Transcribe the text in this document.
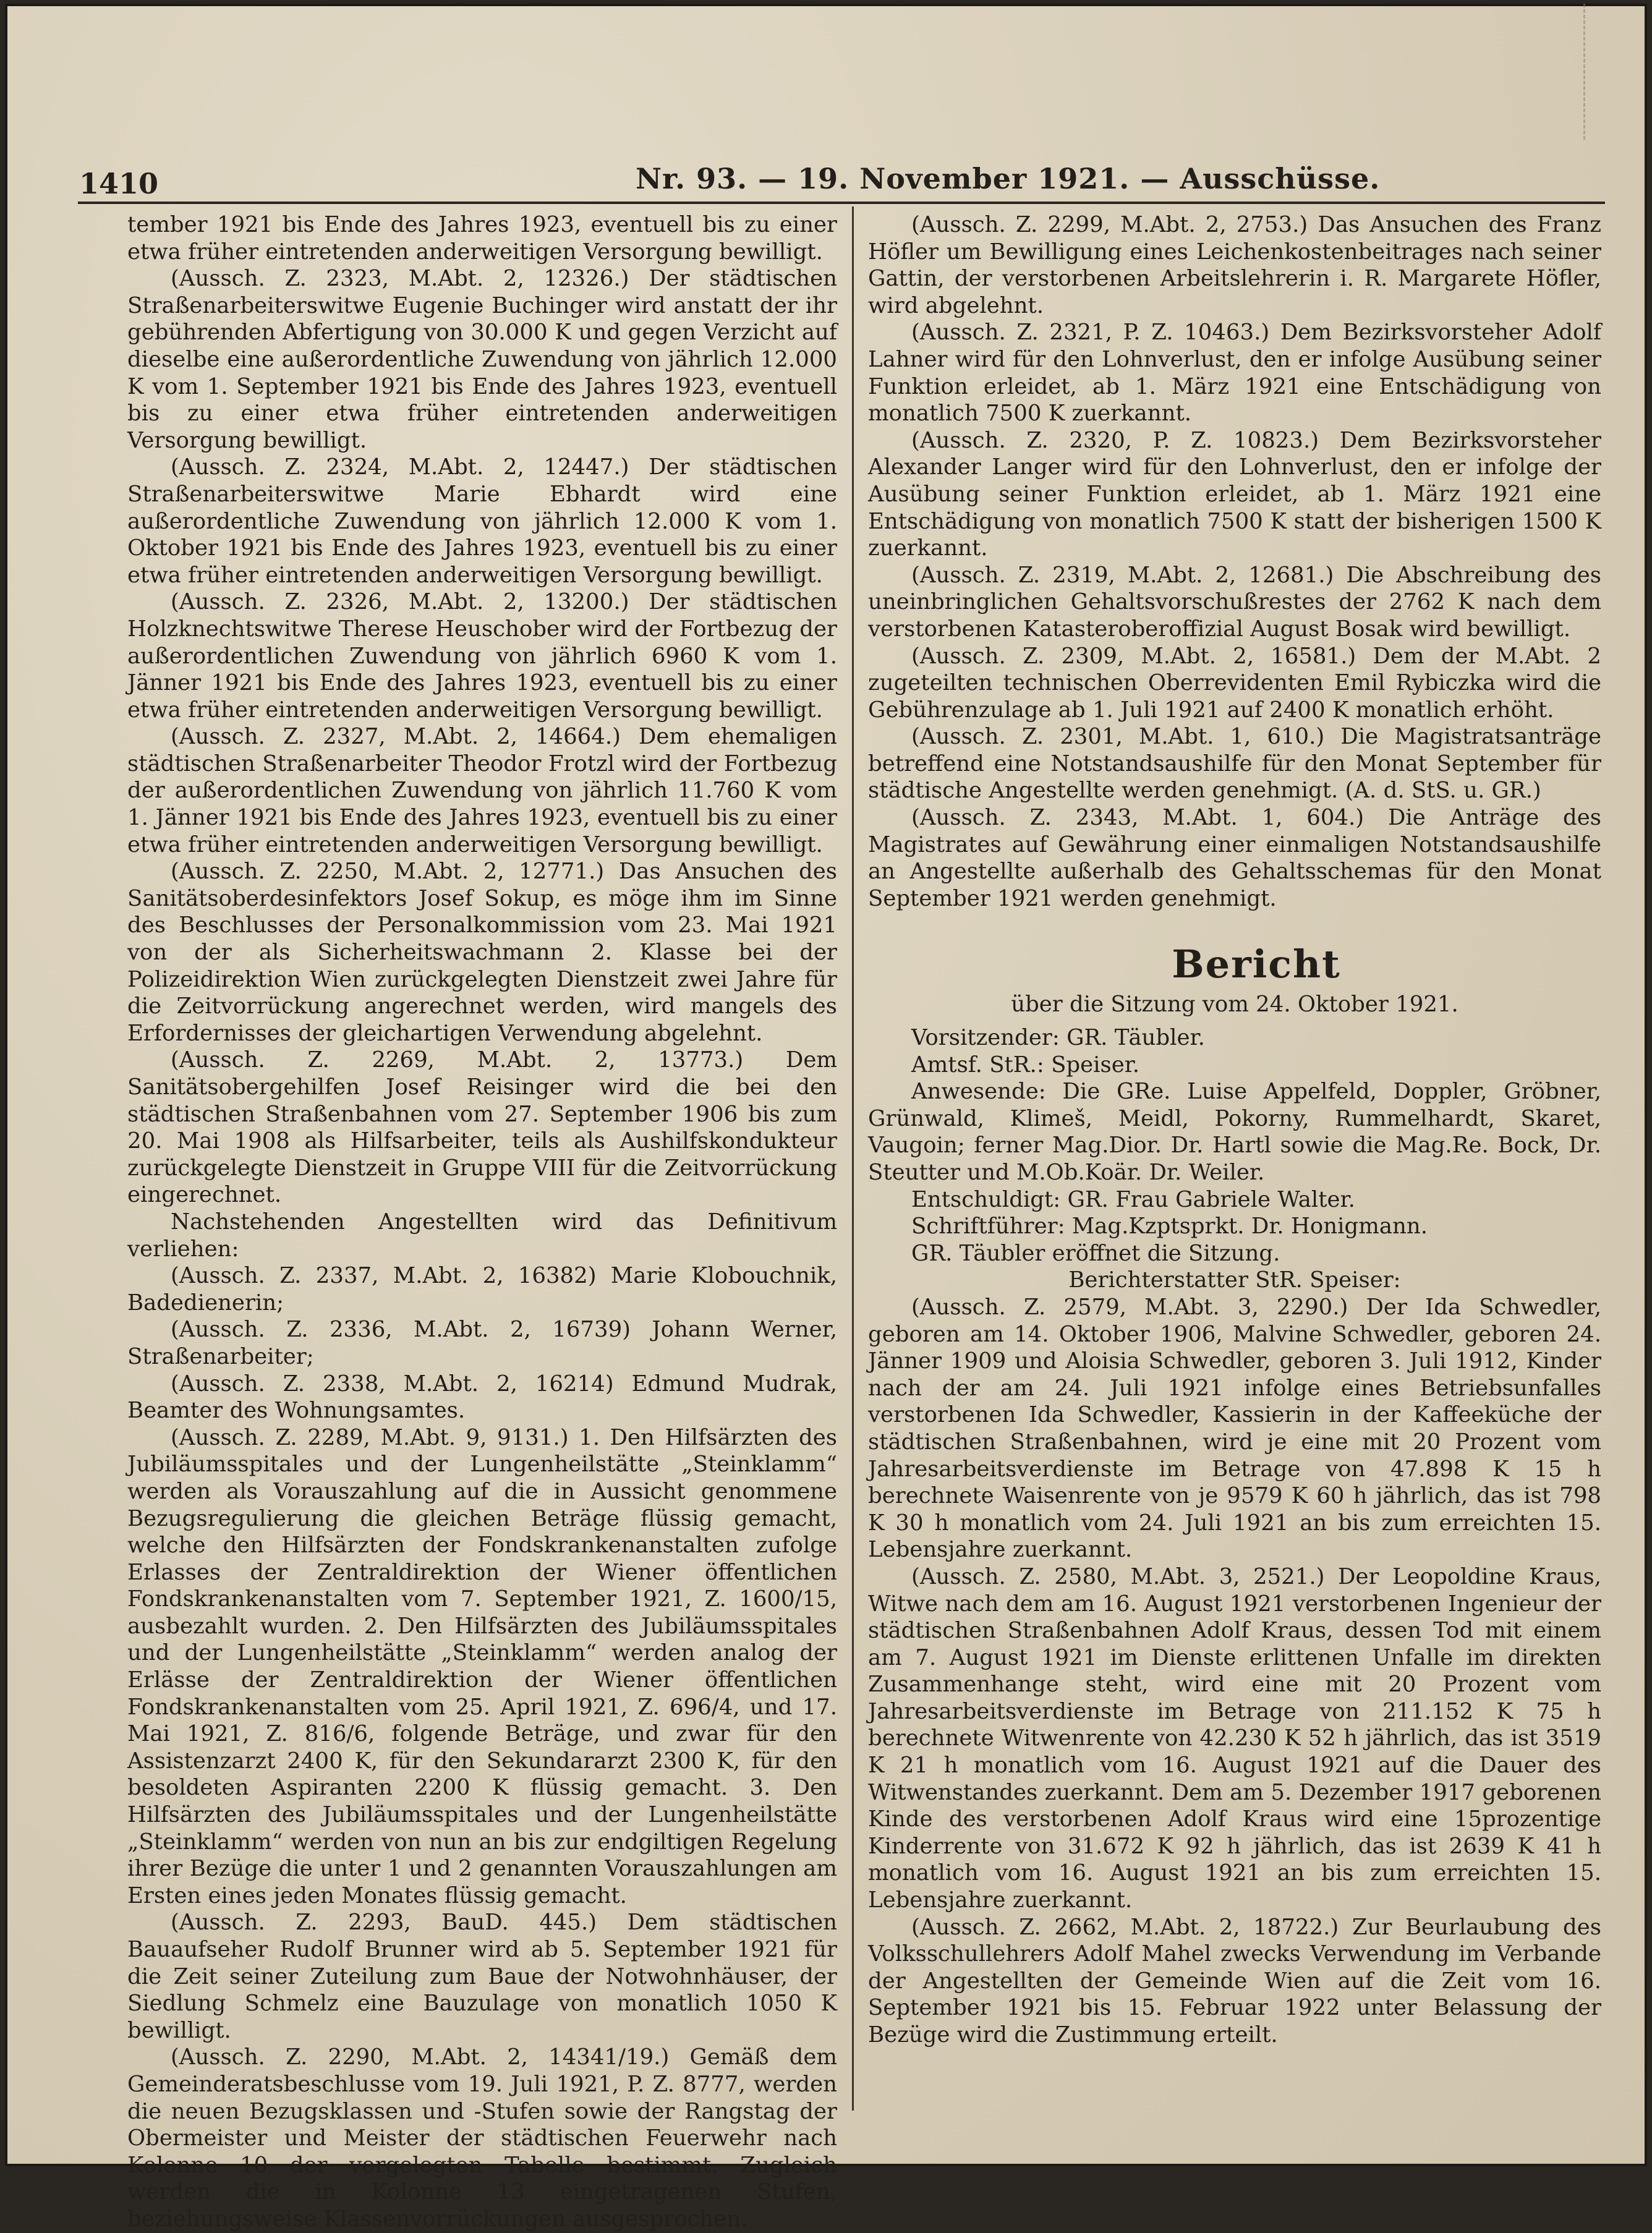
1410	Nr. 93. — 19. November 1921. — Ausschüsse.

tember 1921 bis Ende des Jahres 1923, eventuell bis zu einer etwa früher eintretenden anderweitigen Versorgung bewilligt.

(Aussch. Z. 2323, M.Abt. 2, 12326.) Der städtischen Straßenarbeiterswitwe Eugenie Buchinger wird anstatt der ihr gebührenden Abfertigung von 30.000 K und gegen Verzicht auf dieselbe eine außerordentliche Zuwendung von jährlich 12.000 K vom 1. September 1921 bis Ende des Jahres 1923, eventuell bis zu einer etwa früher eintretenden anderweitigen Versorgung bewilligt.

(Aussch. Z. 2324, M.Abt. 2, 12447.) Der städtischen Straßenarbeiterswitwe Marie Ebhardt wird eine außerordentliche Zuwendung von jährlich 12.000 K vom 1. Oktober 1921 bis Ende des Jahres 1923, eventuell bis zu einer etwa früher eintretenden anderweitigen Versorgung bewilligt.

(Aussch. Z. 2326, M.Abt. 2, 13200.) Der städtischen Holzknechtswitwe Therese Heuschober wird der Fortbezug der außerordentlichen Zuwendung von jährlich 6960 K vom 1. Jänner 1921 bis Ende des Jahres 1923, eventuell bis zu einer etwa früher eintretenden anderweitigen Versorgung bewilligt.

(Aussch. Z. 2327, M.Abt. 2, 14664.) Dem ehemaligen städtischen Straßenarbeiter Theodor Frotzl wird der Fortbezug der außerordentlichen Zuwendung von jährlich 11.760 K vom 1. Jänner 1921 bis Ende des Jahres 1923, eventuell bis zu einer etwa früher eintretenden anderweitigen Versorgung bewilligt.

(Aussch. Z. 2250, M.Abt. 2, 12771.) Das Ansuchen des Sanitätsoberdesinfektors Josef Sokup, es möge ihm im Sinne des Beschlusses der Personalkommission vom 23. Mai 1921 von der als Sicherheitswachmann 2. Klasse bei der Polizeidirektion Wien zurückgelegten Dienstzeit zwei Jahre für die Zeitvorrückung angerechnet werden, wird mangels des Erfordernisses der gleichartigen Verwendung abgelehnt.

(Aussch. Z. 2269, M.Abt. 2, 13773.) Dem Sanitätsobergehilfen Josef Reisinger wird die bei den städtischen Straßenbahnen vom 27. September 1906 bis zum 20. Mai 1908 als Hilfsarbeiter, teils als Aushilfskondukteur zurückgelegte Dienstzeit in Gruppe VIII für die Zeitvorrückung eingerechnet.

Nachstehenden Angestellten wird das Definitivum verliehen:

(Aussch. Z. 2337, M.Abt. 2, 16382) Marie Klobouchnik, Badedienerin;

(Aussch. Z. 2336, M.Abt. 2, 16739) Johann Werner, Straßenarbeiter;

(Aussch. Z. 2338, M.Abt. 2, 16214) Edmund Mudrak, Beamter des Wohnungsamtes.

(Aussch. Z. 2289, M.Abt. 9, 9131.) 1. Den Hilfsärzten des Jubiläumsspitales und der Lungenheilstätte „Steinklamm“ werden als Vorauszahlung auf die in Aussicht genommene Bezugsregulierung die gleichen Beträge flüssig gemacht, welche den Hilfsärzten der Fondskrankenanstalten zufolge Erlasses der Zentraldirektion der Wiener öffentlichen Fondskrankenanstalten vom 7. September 1921, Z. 1600/15, ausbezahlt wurden. 2. Den Hilfsärzten des Jubiläumsspitales und der Lungenheilstätte „Steinklamm“ werden analog der Erlässe der Zentraldirektion der Wiener öffentlichen Fondskrankenanstalten vom 25. April 1921, Z. 696/4, und 17. Mai 1921, Z. 816/6, folgende Beträge, und zwar für den Assistenzarzt 2400 K, für den Sekundararzt 2300 K, für den besoldeten Aspiranten 2200 K flüssig gemacht. 3. Den Hilfsärzten des Jubiläumsspitales und der Lungenheilstätte „Steinklamm“ werden von nun an bis zur endgiltigen Regelung ihrer Bezüge die unter 1 und 2 genannten Vorauszahlungen am Ersten eines jeden Monates flüssig gemacht.

(Aussch. Z. 2293, BauD. 445.) Dem städtischen Bauaufseher Rudolf Brunner wird ab 5. September 1921 für die Zeit seiner Zuteilung zum Baue der Notwohnhäuser, der Siedlung Schmelz eine Bauzulage von monatlich 1050 K bewilligt.

(Aussch. Z. 2290, M.Abt. 2, 14341/19.) Gemäß dem Gemeinderatsbeschlusse vom 19. Juli 1921, P. Z. 8777, werden die neuen Bezugsklassen und -Stufen sowie der Rangstag der Obermeister und Meister der städtischen Feuerwehr nach Kolonne 10 der vorgelegten Tabelle bestimmt. Zugleich werden die in Kolonne 13 eingetragenen Stufen, beziehungsweise Klassenvorrückungen ausgesprochen.

(Aussch. Z. 2299, M.Abt. 2, 2753.) Das Ansuchen des Franz Höfler um Bewilligung eines Leichenkostenbeitrages nach seiner Gattin, der verstorbenen Arbeitslehrerin i. R. Margarete Höfler, wird abgelehnt.

(Aussch. Z. 2321, P. Z. 10463.) Dem Bezirksvorsteher Adolf Lahner wird für den Lohnverlust, den er infolge Ausübung seiner Funktion erleidet, ab 1. März 1921 eine Entschädigung von monatlich 7500 K zuerkannt.

(Aussch. Z. 2320, P. Z. 10823.) Dem Bezirksvorsteher Alexander Langer wird für den Lohnverlust, den er infolge der Ausübung seiner Funktion erleidet, ab 1. März 1921 eine Entschädigung von monatlich 7500 K statt der bisherigen 1500 K zuerkannt.

(Aussch. Z. 2319, M.Abt. 2, 12681.) Die Abschreibung des uneinbringlichen Gehaltsvorschußrestes der 2762 K nach dem verstorbenen Katasteroberoffizial August Bosak wird bewilligt.

(Aussch. Z. 2309, M.Abt. 2, 16581.) Dem der M.Abt. 2 zugeteilten technischen Oberrevidenten Emil Rybiczka wird die Gebührenzulage ab 1. Juli 1921 auf 2400 K monatlich erhöht.

(Aussch. Z. 2301, M.Abt. 1, 610.) Die Magistratsanträge betreffend eine Notstandsaushilfe für den Monat September für städtische Angestellte werden genehmigt. (A. d. StS. u. GR.)

(Aussch. Z. 2343, M.Abt. 1, 604.) Die Anträge des Magistrates auf Gewährung einer einmaligen Notstandsaushilfe an Angestellte außerhalb des Gehaltsschemas für den Monat September 1921 werden genehmigt.

Bericht

über die Sitzung vom 24. Oktober 1921.

Vorsitzender: GR. Täubler.

Amtsf. StR.: Speiser.

Anwesende: Die GRe. Luise Appelfeld, Doppler, Gröbner, Grünwald, Klimeš, Meidl, Pokorny, Rummelhardt, Skaret, Vaugoin; ferner Mag.Dior. Dr. Hartl sowie die Mag.Re. Bock, Dr. Steutter und M.Ob.Koär. Dr. Weiler.

Entschuldigt: GR. Frau Gabriele Walter.

Schriftführer: Mag.Kzptsprkt. Dr. Honigmann.

GR. Täubler eröffnet die Sitzung.

Berichterstatter StR. Speiser:

(Aussch. Z. 2579, M.Abt. 3, 2290.) Der Ida Schwedler, geboren am 14. Oktober 1906, Malvine Schwedler, geboren 24. Jänner 1909 und Aloisia Schwedler, geboren 3. Juli 1912, Kinder nach der am 24. Juli 1921 infolge eines Betriebsunfalles verstorbenen Ida Schwedler, Kassierin in der Kaffeeküche der städtischen Straßenbahnen, wird je eine mit 20 Prozent vom Jahresarbeitsverdienste im Betrage von 47.898 K 15 h berechnete Waisenrente von je 9579 K 60 h jährlich, das ist 798 K 30 h monatlich vom 24. Juli 1921 an bis zum erreichten 15. Lebensjahre zuerkannt.

(Aussch. Z. 2580, M.Abt. 3, 2521.) Der Leopoldine Kraus, Witwe nach dem am 16. August 1921 verstorbenen Ingenieur der städtischen Straßenbahnen Adolf Kraus, dessen Tod mit einem am 7. August 1921 im Dienste erlittenen Unfalle im direkten Zusammenhange steht, wird eine mit 20 Prozent vom Jahresarbeitsverdienste im Betrage von 211.152 K 75 h berechnete Witwenrente von 42.230 K 52 h jährlich, das ist 3519 K 21 h monatlich vom 16. August 1921 auf die Dauer des Witwenstandes zuerkannt. Dem am 5. Dezember 1917 geborenen Kinde des verstorbenen Adolf Kraus wird eine 15prozentige Kinderrente von 31.672 K 92 h jährlich, das ist 2639 K 41 h monatlich vom 16. August 1921 an bis zum erreichten 15. Lebensjahre zuerkannt.

(Aussch. Z. 2662, M.Abt. 2, 18722.) Zur Beurlaubung des Volksschullehrers Adolf Mahel zwecks Verwendung im Verbande der Angestellten der Gemeinde Wien auf die Zeit vom 16. September 1921 bis 15. Februar 1922 unter Belassung der Bezüge wird die Zustimmung erteilt.
